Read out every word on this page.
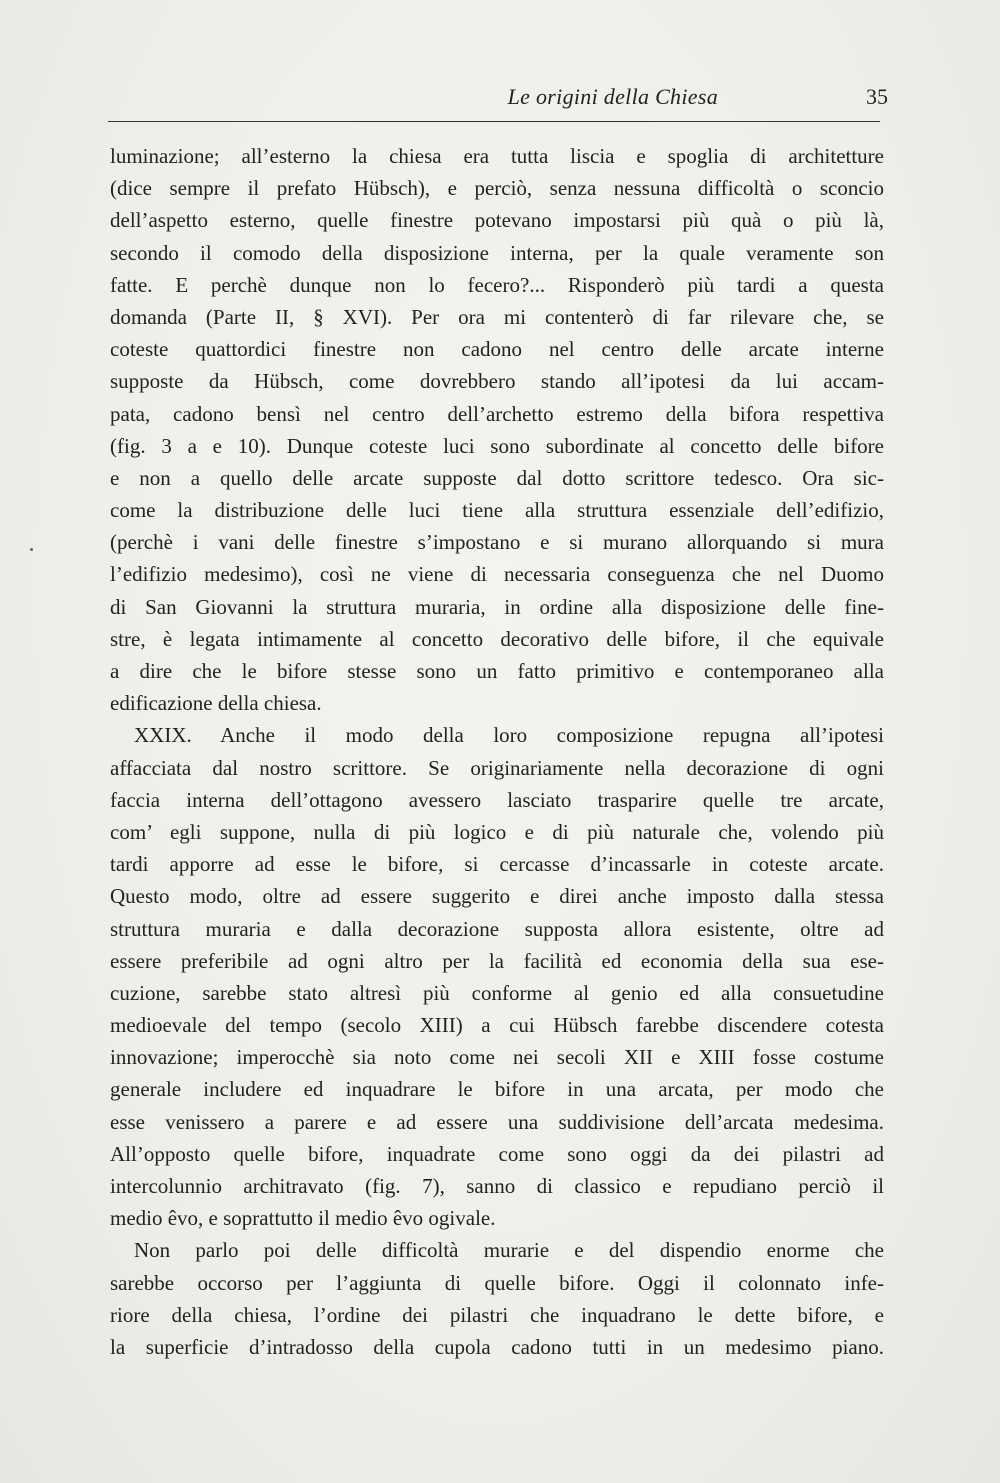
Le origini della Chiesa	35
luminazione; all’esterno la chiesa era tutta liscia e spoglia di architetture
(dice sempre il prefato Hübsch), e perciò, senza nessuna difficoltà o sconcio
dell’aspetto esterno, quelle finestre potevano impostarsi più quà o più là,
secondo il comodo della disposizione interna, per la quale veramente son
fatte. E perchè dunque non lo fecero?... Risponderò più tardi a questa
domanda (Parte II, § XVI). Per ora mi contenterò di far rilevare che, se
coteste quattordici finestre non cadono nel centro delle arcate interne
supposte da Hübsch, come dovrebbero stando all’ipotesi da lui accam-
pata, cadono bensì nel centro dell’archetto estremo della bifora respettiva
(fig. 3 a e 10). Dunque coteste luci sono subordinate al concetto delle bifore
e non a quello delle arcate supposte dal dotto scrittore tedesco. Ora sic-
come la distribuzione delle luci tiene alla struttura essenziale dell’edifizio,
(perchè i vani delle finestre s’impostano e si murano allorquando si mura
l’edifizio medesimo), così ne viene di necessaria conseguenza che nel Duomo
di San Giovanni la struttura muraria, in ordine alla disposizione delle fine-
stre, è legata intimamente al concetto decorativo delle bifore, il che equivale
a dire che le bifore stesse sono un fatto primitivo e contemporaneo alla
edificazione della chiesa.
XXIX. Anche il modo della loro composizione repugna all’ipotesi
affacciata dal nostro scrittore. Se originariamente nella decorazione di ogni
faccia interna dell’ottagono avessero lasciato trasparire quelle tre arcate,
com’ egli suppone, nulla di più logico e di più naturale che, volendo più
tardi apporre ad esse le bifore, si cercasse d’incassarle in coteste arcate.
Questo modo, oltre ad essere suggerito e direi anche imposto dalla stessa
struttura muraria e dalla decorazione supposta allora esistente, oltre ad
essere preferibile ad ogni altro per la facilità ed economia della sua ese-
cuzione, sarebbe stato altresì più conforme al genio ed alla consuetudine
medioevale del tempo (secolo XIII) a cui Hübsch farebbe discendere cotesta
innovazione; imperocchè sia noto come nei secoli XII e XIII fosse costume
generale includere ed inquadrare le bifore in una arcata, per modo che
esse venissero a parere e ad essere una suddivisione dell’arcata medesima.
All’opposto quelle bifore, inquadrate come sono oggi da dei pilastri ad
intercolunnio architravato (fig. 7), sanno di classico e repudiano perciò il
medio êvo, e soprattutto il medio êvo ogivale.
Non parlo poi delle difficoltà murarie e del dispendio enorme che
sarebbe occorso per l’aggiunta di quelle bifore. Oggi il colonnato infe-
riore della chiesa, l’ordine dei pilastri che inquadrano le dette bifore, e
la superficie d’intradosso della cupola cadono tutti in un medesimo piano.
